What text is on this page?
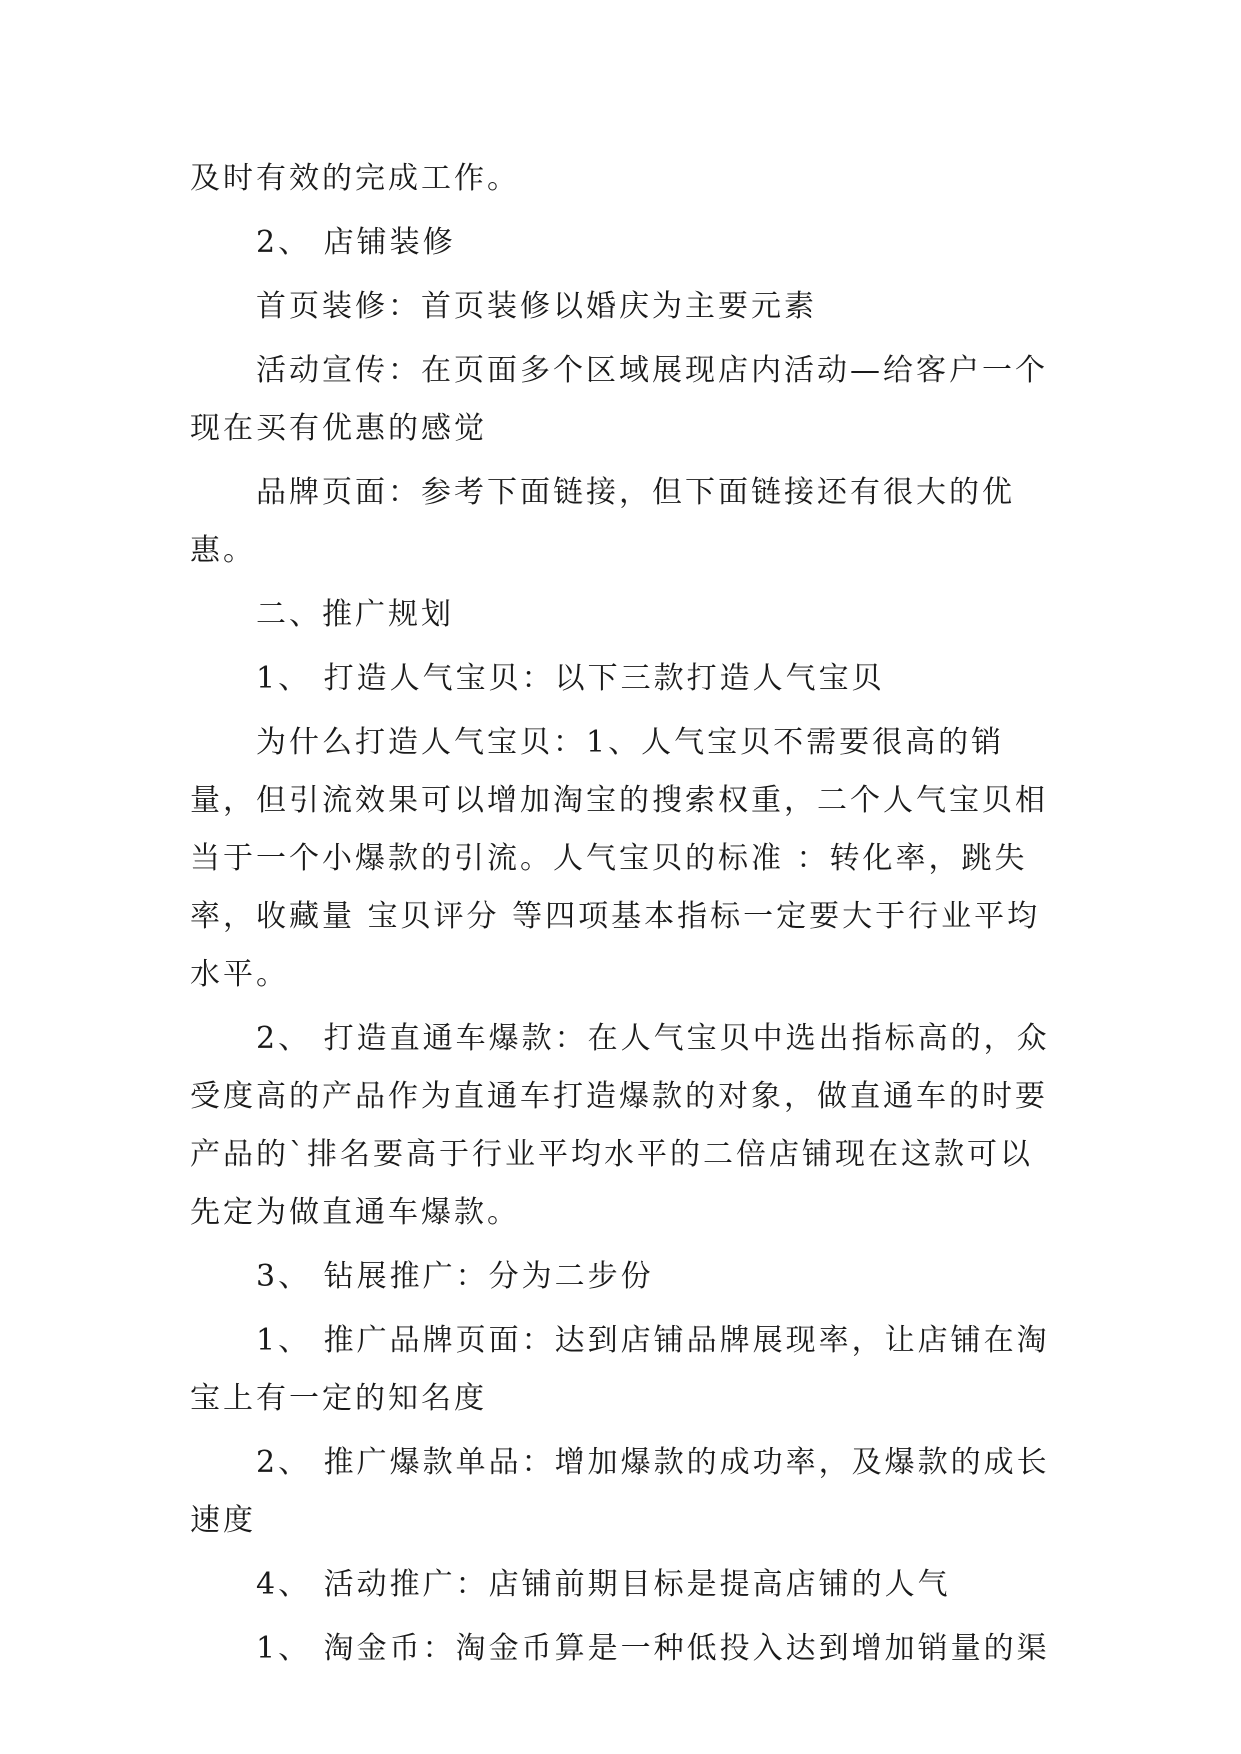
及时有效的完成工作。

2、 店铺装修

首页装修：首页装修以婚庆为主要元素

活动宣传：在页面多个区域展现店内活动—给客户一个现在买有优惠的感觉

品牌页面：参考下面链接，但下面链接还有很大的优惠。

二、推广规划

1、 打造人气宝贝：以下三款打造人气宝贝

为什么打造人气宝贝：1、人气宝贝不需要很高的销量，但引流效果可以增加淘宝的搜索权重，二个人气宝贝相当于一个小爆款的引流。人气宝贝的标准 ：转化率，跳失率，收藏量 宝贝评分 等四项基本指标一定要大于行业平均水平。

2、 打造直通车爆款：在人气宝贝中选出指标高的，众受度高的产品作为直通车打造爆款的对象，做直通车的时要产品的`排名要高于行业平均水平的二倍店铺现在这款可以先定为做直通车爆款。

3、 钻展推广：分为二步份

1、 推广品牌页面：达到店铺品牌展现率，让店铺在淘宝上有一定的知名度

2、 推广爆款单品：增加爆款的成功率，及爆款的成长速度

4、 活动推广：店铺前期目标是提高店铺的人气

1、 淘金币：淘金币算是一种低投入达到增加销量的渠
